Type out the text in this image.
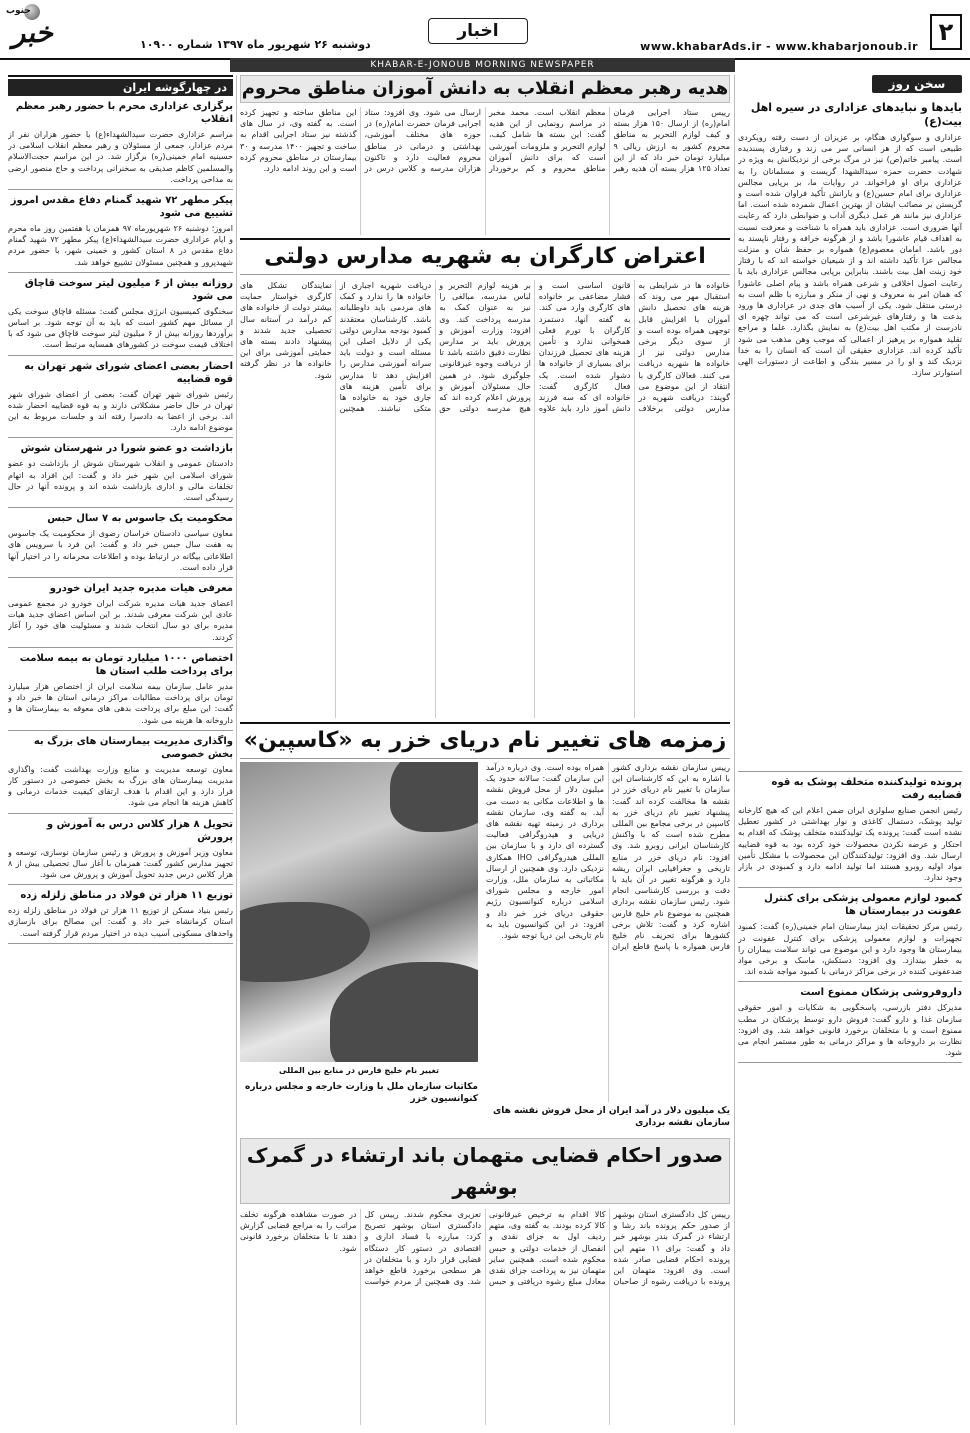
۲
www.khabarAds.ir - www.khabarjonoub.ir
اخبار
دوشنبه ۲۶ شهریور ماه ۱۳۹۷ شماره ۱۰۹۰۰
جنوب
خبر
KHABAR-E-JONOUB MORNING NEWSPAPER
در چهارگوشه ایران
برگزاری عزاداری محرم با حضور رهبر معظم انقلاب
مراسم عزاداری حضرت سیدالشهداء(ع) با حضور هزاران نفر از مردم عزادار، جمعی از مسئولان و رهبر معظم انقلاب اسلامی در حسینیه امام خمینی(ره) برگزار شد. در این مراسم حجت‌الاسلام والمسلمین کاظم صدیقی به سخنرانی پرداخت و حاج منصور ارضی به مداحی پرداخت.
پیکر مطهر ۷۲ شهید گمنام دفاع مقدس امروز تشییع می شود
امروز؛ دوشنبه ۲۶ شهریورماه ۹۷ همزمان با هفتمین روز ماه محرم و ایام عزاداری حضرت سیدالشهداء(ع) پیکر مطهر ۷۲ شهید گمنام دفاع مقدس در ۸ استان کشور و خمینی شهر، با حضور مردم شهیدپرور و همچنین مسئولان تشییع خواهد شد.
روزانه بیش از ۶ میلیون لیتر سوخت قاچاق می شود
سخنگوی کمیسیون انرژی مجلس گفت: مسئله قاچاق سوخت یکی از مسائل مهم کشور است که باید به آن توجه شود. بر اساس برآوردها روزانه بیش از ۶ میلیون لیتر سوخت قاچاق می شود که با اختلاف قیمت سوخت در کشورهای همسایه مرتبط است.
احضار بعضی اعضای شورای شهر تهران به قوه قضاییه
رئیس شورای شهر تهران گفت: بعضی از اعضای شورای شهر تهران در حال حاضر مشکلاتی دارند و به قوه قضاییه احضار شده اند. برخی از اعضا به دادسرا رفته اند و جلسات مربوط به این موضوع ادامه دارد.
بازداشت دو عضو شورا در شهرستان شوش
دادستان عمومی و انقلاب شهرستان شوش از بازداشت دو عضو شورای اسلامی این شهر خبر داد و گفت: این افراد به اتهام تخلفات مالی و اداری بازداشت شده اند و پرونده آنها در حال رسیدگی است.
محکومیت یک جاسوس به ۷ سال حبس
معاون سیاسی دادستان خراسان رضوی از محکومیت یک جاسوس به هفت سال حبس خبر داد و گفت: این فرد با سرویس های اطلاعاتی بیگانه در ارتباط بوده و اطلاعات محرمانه را در اختیار آنها قرار داده است.
معرفی هیات مدیره جدید ایران خودرو
اعضای جدید هیات مدیره شرکت ایران خودرو در مجمع عمومی عادی این شرکت معرفی شدند. بر این اساس اعضای جدید هیات مدیره برای دو سال انتخاب شدند و مسئولیت های خود را آغاز کردند.
اختصاص ۱۰۰۰ میلیارد تومان به بیمه سلامت برای پرداخت طلب استان ها
مدیر عامل سازمان بیمه سلامت ایران از اختصاص هزار میلیارد تومان برای پرداخت مطالبات مراکز درمانی استان ها خبر داد و گفت: این مبلغ برای پرداخت بدهی های معوقه به بیمارستان ها و داروخانه ها هزینه می شود.
واگذاری مدیریت بیمارستان های بزرگ به بخش خصوصی
معاون توسعه مدیریت و منابع وزارت بهداشت گفت: واگذاری مدیریت بیمارستان های بزرگ به بخش خصوصی در دستور کار قرار دارد و این اقدام با هدف ارتقای کیفیت خدمات درمانی و کاهش هزینه ها انجام می شود.
تحویل ۸ هزار کلاس درس به آموزش و پرورش
معاون وزیر آموزش و پرورش و رئیس سازمان نوسازی، توسعه و تجهیز مدارس کشور گفت: همزمان با آغاز سال تحصیلی بیش از ۸ هزار کلاس درس جدید تحویل آموزش و پرورش می شود.
توزیع ۱۱ هزار تن فولاد در مناطق زلزله زده
رئیس بنیاد مسکن از توزیع ۱۱ هزار تن فولاد در مناطق زلزله زده استان کرمانشاه خبر داد و گفت: این مصالح برای بازسازی واحدهای مسکونی آسیب دیده در اختیار مردم قرار گرفته است.
سخن روز
بایدها و نبایدهای عزاداری در سیره اهل بیت(ع)
عزاداری و سوگواری هنگام، بر عزیزان از دست رفته رویکردی طبیعی است که از هر انسانی سر می زند و رفتاری پسندیده است. پیامبر خاتم(ص) نیز در مرگ برخی از نزدیکانش به ویژه در شهادت حضرت حمزه سیدالشهدا گریست و مسلمانان را به عزاداری برای او فراخواند. در روایات ما، بر برپایی مجالس عزاداری برای امام حسین(ع) و یارانش تأکید فراوان شده است و گریستن بر مصائب ایشان از بهترین اعمال شمرده شده است. اما عزاداری نیز مانند هر عمل دیگری آداب و ضوابطی دارد که رعایت آنها ضروری است. عزاداری باید همراه با شناخت و معرفت نسبت به اهداف قیام عاشورا باشد و از هرگونه خرافه و رفتار ناپسند به دور باشد. امامان معصوم(ع) همواره بر حفظ شأن و منزلت مجالس عزا تأکید داشته اند و از شیعیان خواسته اند که با رفتار خود زینت اهل بیت باشند. بنابراین برپایی مجالس عزاداری باید با رعایت اصول اخلاقی و شرعی همراه باشد و پیام اصلی عاشورا که همان امر به معروف و نهی از منکر و مبارزه با ظلم است به درستی منتقل شود. یکی از آسیب های جدی در عزاداری ها ورود بدعت ها و رفتارهای غیرشرعی است که می تواند چهره ای نادرست از مکتب اهل بیت(ع) به نمایش بگذارد. علما و مراجع تقلید همواره بر پرهیز از اعمالی که موجب وهن مذهب می شود تأکید کرده اند. عزاداری حقیقی آن است که انسان را به خدا نزدیک کند و او را در مسیر بندگی و اطاعت از دستورات الهی استوارتر سازد.
پرونده تولیدکننده متخلف پوشک به قوه قضاییه رفت
رئیس انجمن صنایع سلولزی ایران ضمن اعلام این که هیچ کارخانه تولید پوشک، دستمال کاغذی و نوار بهداشتی در کشور تعطیل نشده است گفت: پرونده یک تولیدکننده متخلف پوشک که اقدام به احتکار و عرضه نکردن محصولات خود کرده بود به قوه قضاییه ارسال شد. وی افزود: تولیدکنندگان این محصولات با مشکل تأمین مواد اولیه روبرو هستند اما تولید ادامه دارد و کمبودی در بازار وجود ندارد.
کمبود لوازم معمولی پزشکی برای کنترل عفونت در بیمارستان ها
رئیس مرکز تحقیقات ایدز بیمارستان امام خمینی(ره) گفت: کمبود تجهیزات و لوازم معمولی پزشکی برای کنترل عفونت در بیمارستان ها وجود دارد و این موضوع می تواند سلامت بیماران را به خطر بیندازد. وی افزود: دستکش، ماسک و برخی مواد ضدعفونی کننده در برخی مراکز درمانی با کمبود مواجه شده اند.
داروفروشی پزشکان ممنوع است
مدیرکل دفتر بازرسی، پاسخگویی به شکایات و امور حقوقی سازمان غذا و دارو گفت: فروش دارو توسط پزشکان در مطب ممنوع است و با متخلفان برخورد قانونی خواهد شد. وی افزود: نظارت بر داروخانه ها و مراکز درمانی به طور مستمر انجام می شود.
هدیه رهبر معظم انقلاب به دانش آموزان مناطق محروم
رییس ستاد اجرایی فرمان امام(ره) از ارسال ۱۵۰ هزار بسته و کیف لوازم التحریر به مناطق محروم کشور به ارزش ریالی ۹ میلیارد تومان خبر داد که از این تعداد ۱۲۵ هزار بسته آن هدیه رهبر معظم انقلاب است. محمد مخبر در مراسم رونمایی از این هدیه گفت: این بسته ها شامل کیف، لوازم التحریر و ملزومات آموزشی است که برای دانش آموزان مناطق محروم و کم برخوردار ارسال می شود. وی افزود: ستاد اجرایی فرمان حضرت امام(ره) در حوزه های مختلف آموزشی، بهداشتی و درمانی در مناطق محروم فعالیت دارد و تاکنون هزاران مدرسه و کلاس درس در این مناطق ساخته و تجهیز کرده است. به گفته وی، در سال های گذشته نیز ستاد اجرایی اقدام به ساخت و تجهیز ۱۴۰۰ مدرسه و ۳۰ بیمارستان در مناطق محروم کرده است و این روند ادامه دارد.
اعتراض کارگران به شهریه مدارس دولتی
خانواده ها در شرایطی به استقبال مهر می روند که هزینه های تحصیل دانش آموزان با افزایش قابل توجهی همراه بوده است و از سوی دیگر برخی مدارس دولتی نیز از خانواده ها شهریه دریافت می کنند. فعالان کارگری با انتقاد از این موضوع می گویند: دریافت شهریه در مدارس دولتی برخلاف قانون اساسی است و فشار مضاعفی بر خانواده های کارگری وارد می کند. به گفته آنها، دستمزد کارگران با تورم فعلی همخوانی ندارد و تأمین هزینه های تحصیل فرزندان برای بسیاری از خانواده ها دشوار شده است. یک فعال کارگری گفت: خانواده ای که سه فرزند دانش آموز دارد باید علاوه بر هزینه لوازم التحریر و لباس مدرسه، مبالغی را نیز به عنوان کمک به مدرسه پرداخت کند. وی افزود: وزارت آموزش و پرورش باید بر مدارس نظارت دقیق داشته باشد تا از دریافت وجوه غیرقانونی جلوگیری شود. در همین حال مسئولان آموزش و پرورش اعلام کرده اند که هیچ مدرسه دولتی حق دریافت شهریه اجباری از خانواده ها را ندارد و کمک های مردمی باید داوطلبانه باشد. کارشناسان معتقدند کمبود بودجه مدارس دولتی یکی از دلایل اصلی این مسئله است و دولت باید سرانه آموزشی مدارس را افزایش دهد تا مدارس برای تأمین هزینه های جاری خود به خانواده ها متکی نباشند. همچنین نمایندگان تشکل های کارگری خواستار حمایت بیشتر دولت از خانواده های کم درآمد در آستانه سال تحصیلی جدید شدند و پیشنهاد دادند بسته های حمایتی آموزشی برای این خانواده ها در نظر گرفته شود.
زمزمه های تغییر نام دریای خزر به «کاسپین»
تغییر نام خلیج فارس در منابع بین المللی
مکاتبات سازمان ملل با وزارت خارجه و مجلس درباره کنوانسیون خزر
رییس سازمان نقشه برداری کشور با اشاره به این که کارشناسان این سازمان با تغییر نام دریای خزر در نقشه ها مخالفت کرده اند گفت: پیشنهاد تغییر نام دریای خزر به کاسپین در برخی مجامع بین المللی مطرح شده است که با واکنش کارشناسان ایرانی روبرو شد. وی افزود: نام دریای خزر در منابع تاریخی و جغرافیایی ایران ریشه دارد و هرگونه تغییر در آن باید با دقت و بررسی کارشناسی انجام شود. رئیس سازمان نقشه برداری همچنین به موضوع نام خلیج فارس اشاره کرد و گفت: تلاش برخی کشورها برای تحریف نام خلیج فارس همواره با پاسخ قاطع ایران همراه بوده است. وی درباره درآمد این سازمان گفت: سالانه حدود یک میلیون دلار از محل فروش نقشه ها و اطلاعات مکانی به دست می آید. به گفته وی، سازمان نقشه برداری در زمینه تهیه نقشه های دریایی و هیدروگرافی فعالیت گسترده ای دارد و با سازمان بین المللی هیدروگرافی IHO همکاری نزدیکی دارد. وی همچنین از ارسال مکاتباتی به سازمان ملل، وزارت امور خارجه و مجلس شورای اسلامی درباره کنوانسیون رژیم حقوقی دریای خزر خبر داد و افزود: در این کنوانسیون باید به نام تاریخی این دریا توجه شود.
یک میلیون دلار در آمد ایران از محل فروش نقشه های سازمان نقشه برداری
صدور احکام قضایی متهمان باند ارتشاء در گمرک بوشهر
رییس کل دادگستری استان بوشهر از صدور حکم پرونده باند رشا و ارتشاء در گمرک بندر بوشهر خبر داد و گفت: برای ۱۱ متهم این پرونده احکام قضایی صادر شده است. وی افزود: متهمان این پرونده با دریافت رشوه از صاحبان کالا اقدام به ترخیص غیرقانونی کالا کرده بودند. به گفته وی، متهم ردیف اول به جزای نقدی و انفصال از خدمات دولتی و حبس محکوم شده است. همچنین سایر متهمان نیز به پرداخت جزای نقدی معادل مبلغ رشوه دریافتی و حبس تعزیری محکوم شدند. رییس کل دادگستری استان بوشهر تصریح کرد: مبارزه با فساد اداری و اقتصادی در دستور کار دستگاه قضایی قرار دارد و با متخلفان در هر سطحی برخورد قاطع خواهد شد. وی همچنین از مردم خواست در صورت مشاهده هرگونه تخلف مراتب را به مراجع قضایی گزارش دهند تا با متخلفان برخورد قانونی شود.
